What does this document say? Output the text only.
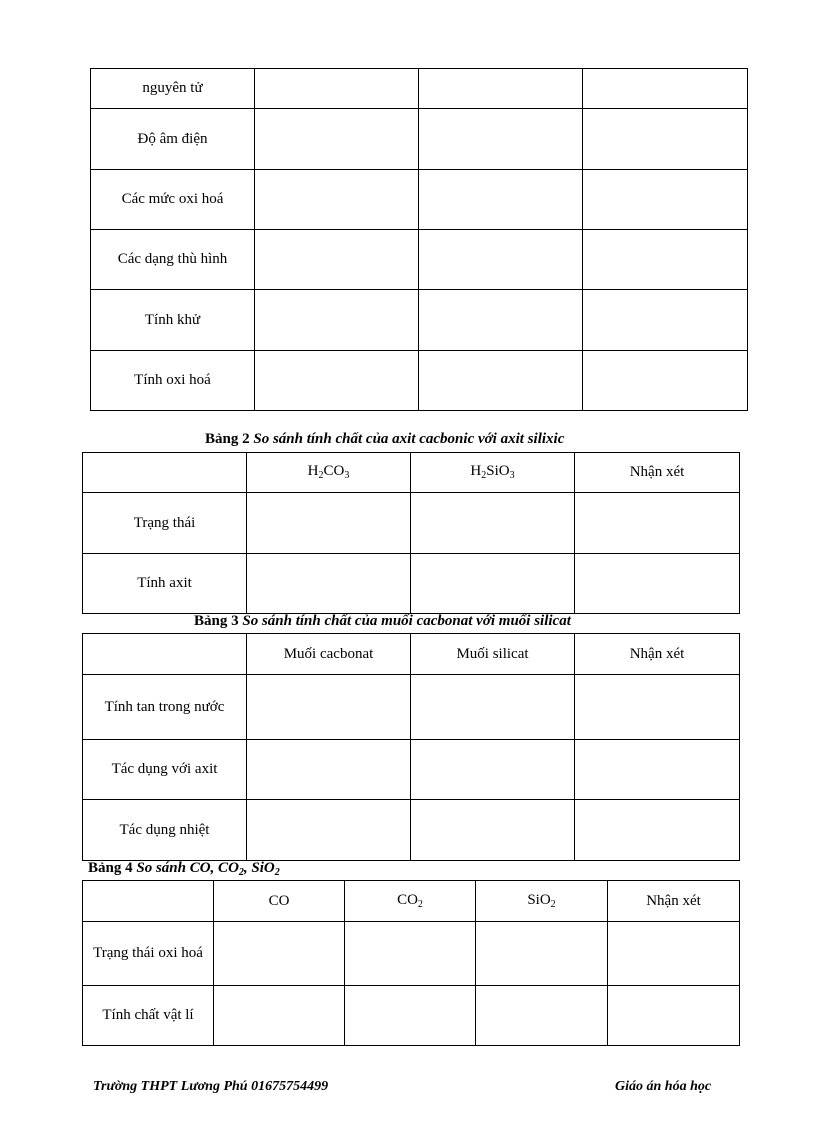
nguyên tử			
Độ âm điện			
Các mức oxi hoá			
Các dạng thù hình			
Tính khử			
Tính oxi hoá			
Bảng 2 So sánh tính chất của axit cacbonic với axit silixic
	$H_2CO_3$	$H_2SiO_3$	Nhận xét
Trạng thái			
Tính axit			
Bảng 3 So sánh tính chất của muối cacbonat với muối silicat
	Muối cacbonat	Muối silicat	Nhận xét
Tính tan trong nước			
Tác dụng với axit			
Tác dụng nhiệt			
Bảng 4 So sánh CO, $CO_2$, SiO$_2$
	CO	$CO_2$	SiO$_2$	Nhận xét
Trạng thái oxi hoá				
Tính chất vật lí				
Trường THPT Lương Phú 01675754499	Giáo án hóa học
